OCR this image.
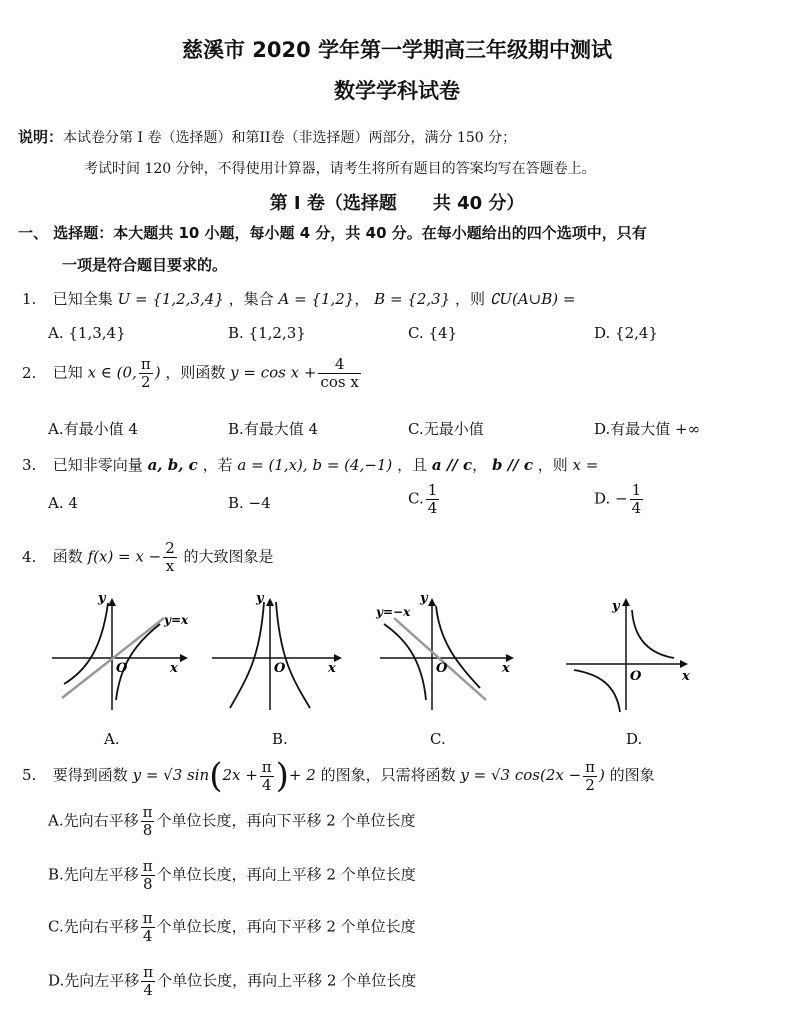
慈溪市 2020 学年第一学期高三年级期中测试
数学学科试卷
说明：本试卷分第 I 卷（选择题）和第II卷（非选择题）两部分，满分 150 分；
考试时间 120 分钟，不得使用计算器，请考生将所有题目的答案均写在答题卷上。
第 I 卷（选择题　　共 40 分）
一、 选择题：本大题共 10 小题，每小题 4 分，共 40 分。在每小题给出的四个选项中，只有
一项是符合题目要求的。
1. 已知全集 U = {1,2,3,4} ，集合 A = {1,2}， B = {2,3} ，则 ∁U(A∪B) =
A. {1,3,4}	B. {1,2,3}	C. {4}	D. {2,4}
2. 已知 x ∈ (0, $\frac{\pi}{2}$ ) ，则函数 $y = \cos x + \frac{4}{\text{cos x}}$
A.有最小值 4	B.有最大值 4	C.无最小值	D.有最大值 +∞
3. 已知非零向量 a, b, c ，若 a = (1,x), b = (4,−1) ，且 a // c， b // c ，则 x =
A. 4	B. −4	C. $\frac{1}{4}$	D. − $\frac{1}{4}$
4. 函数 $f(x) = x - \frac{2}{x}$ 的大致图象是
y
x
O
y=x
y
x
O
y
x
O
y=−x	y
x
O
A.	B.	C.	D.
5. 要得到函数 y = √3 $\sin(2x + \frac{\pi}{4}$ )+ 2 的图象，只需将函数 y = √3 $\cos(2x - \frac{\pi}{2}$ ) 的图象
A.先向右平移 $\frac{\pi}{8}$ 个单位长度，再向下平移 2 个单位长度
B.先向左平移 $\frac{\pi}{8}$ 个单位长度，再向上平移 2 个单位长度
C.先向右平移 $\frac{\pi}{4}$ 个单位长度，再向下平移 2 个单位长度
D.先向左平移 $\frac{\pi}{4}$ 个单位长度，再向上平移 2 个单位长度
